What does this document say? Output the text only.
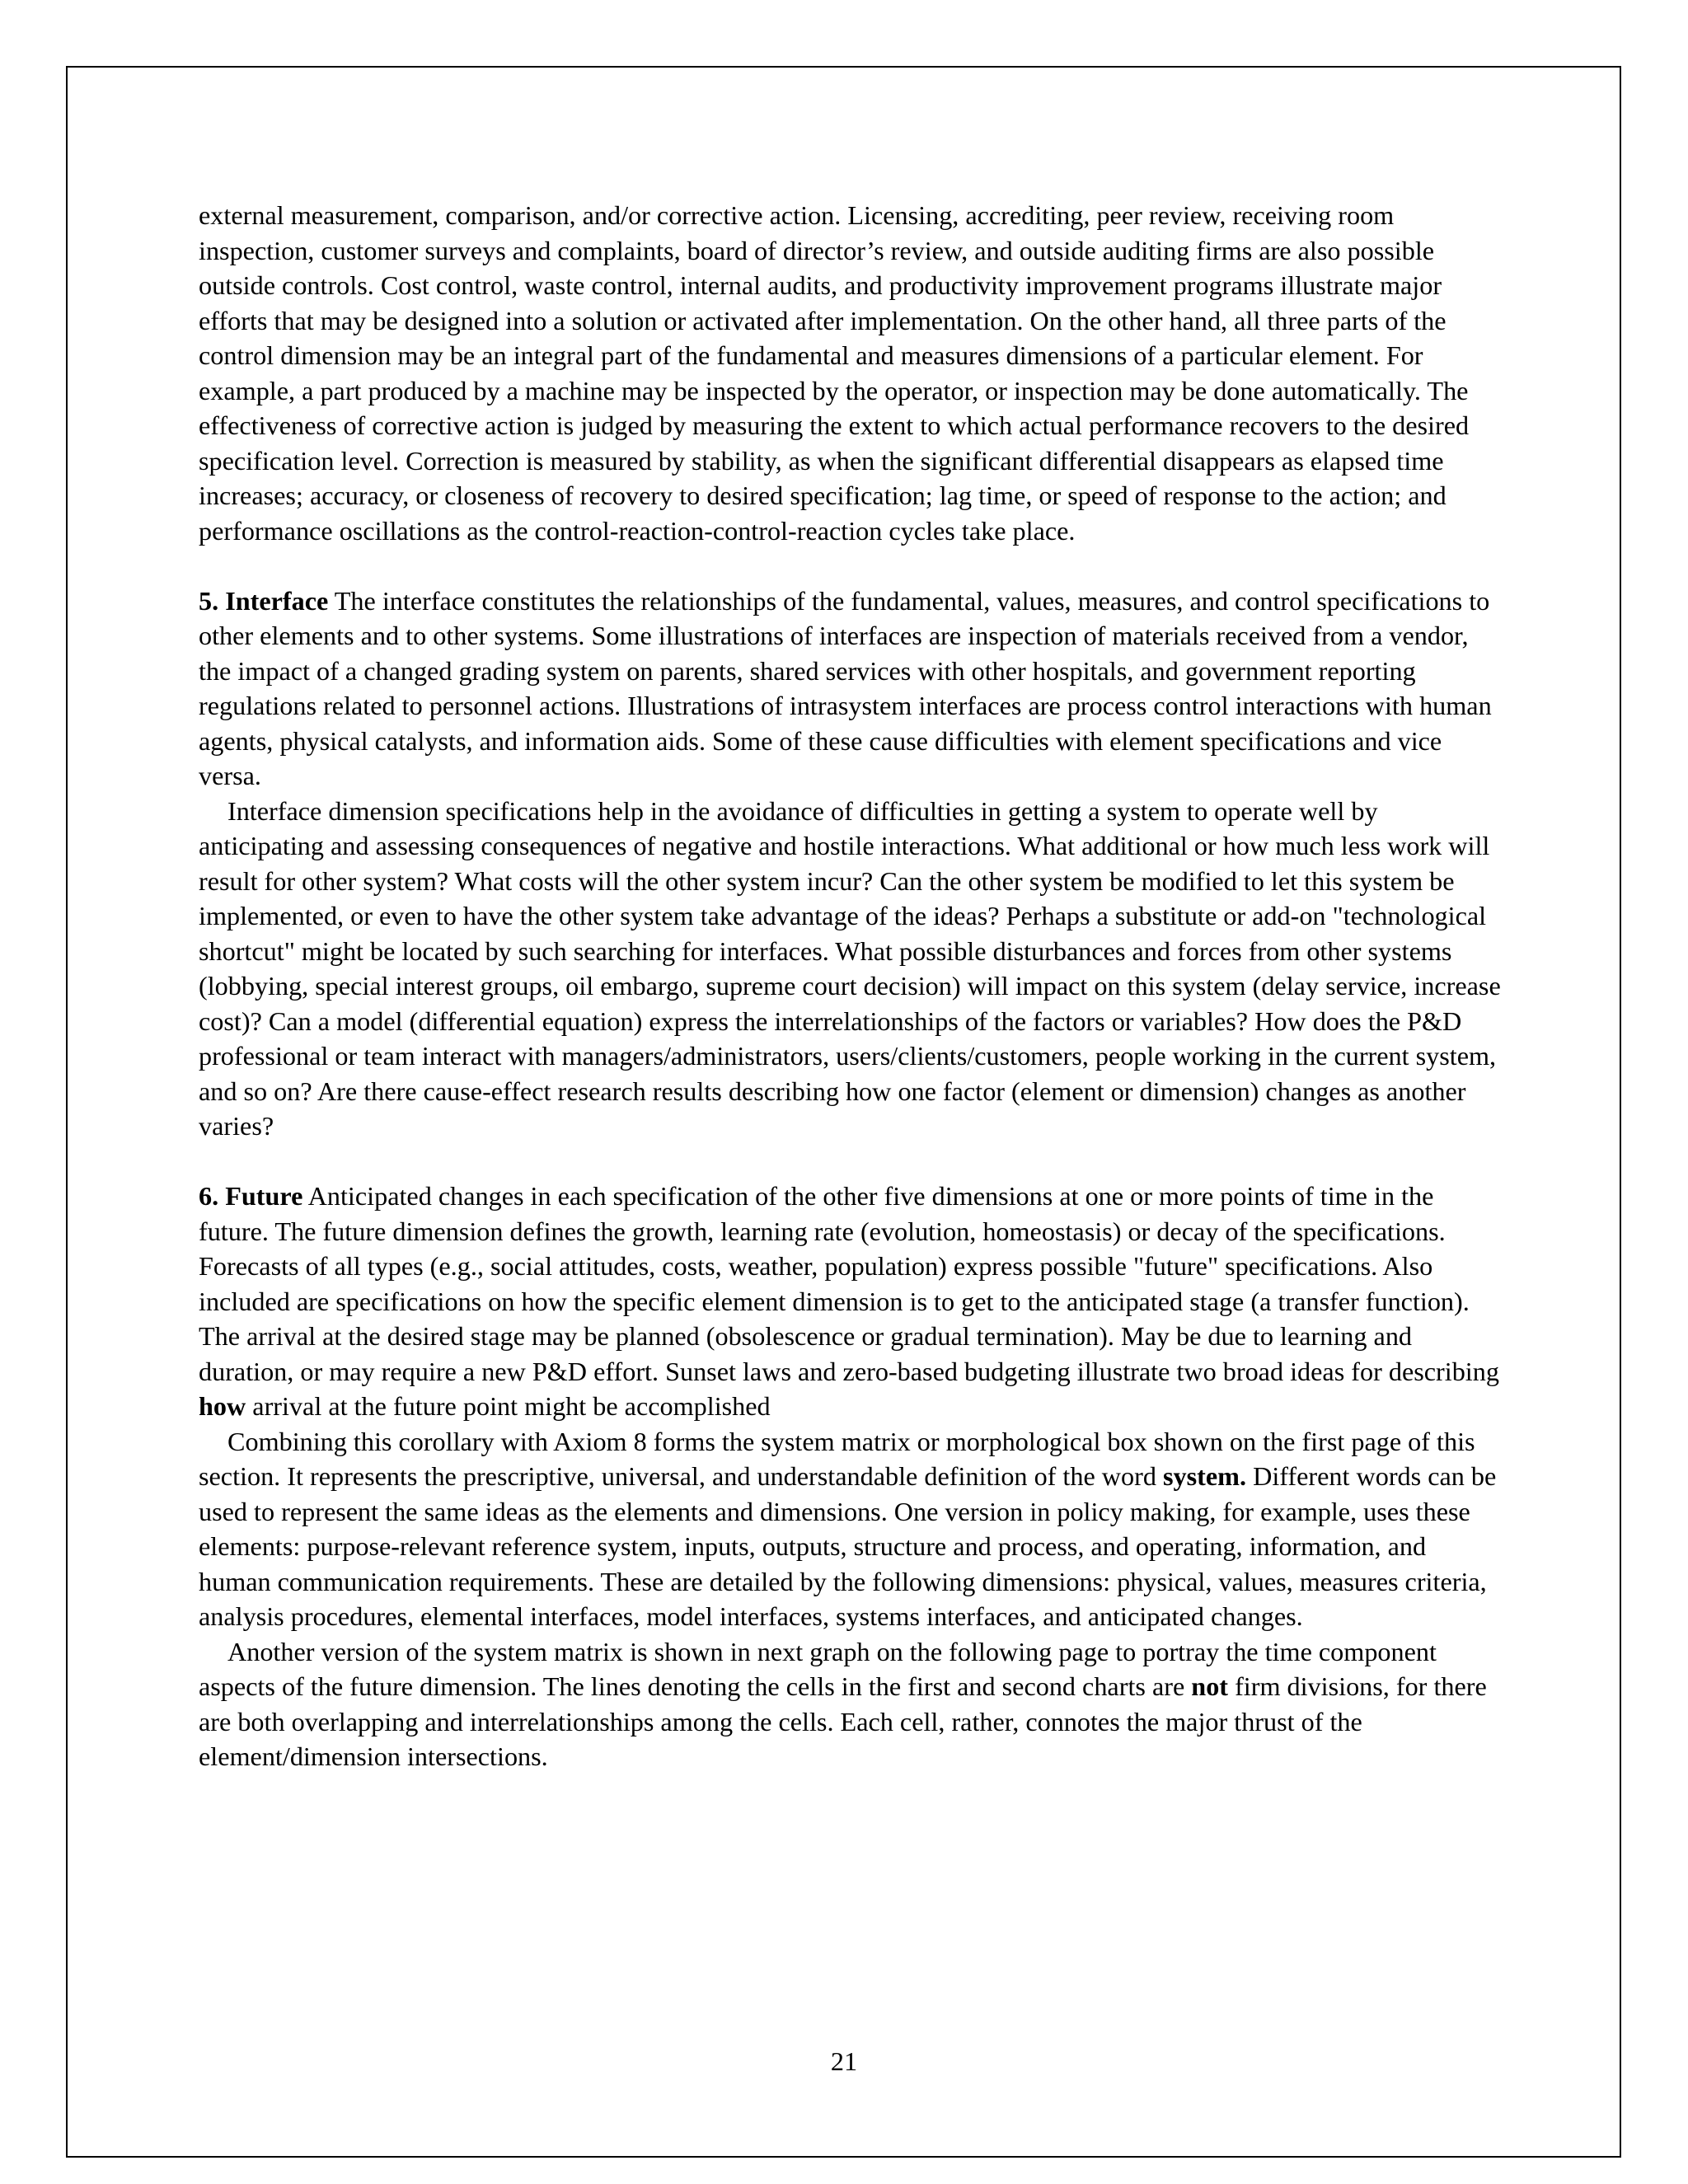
external measurement, comparison, and/or corrective action. Licensing, accrediting, peer review, receiving room inspection, customer surveys and complaints, board of director’s review, and outside auditing firms are also possible outside controls. Cost control, waste control, internal audits, and productivity improvement programs illustrate major efforts that may be designed into a solution or activated after implementation. On the other hand, all three parts of the control dimension may be an integral part of the fundamental and measures dimensions of a particular element. For example, a part produced by a machine may be inspected by the operator, or inspection may be done automatically. The effectiveness of corrective action is judged by measuring the extent to which actual performance recovers to the desired specification level. Correction is measured by stability, as when the significant differential disappears as elapsed time increases; accuracy, or closeness of recovery to desired specification; lag time, or speed of response to the action; and performance oscillations as the control-reaction-control-reaction cycles take place.

5. Interface The interface constitutes the relationships of the fundamental, values, measures, and control specifications to other elements and to other systems. Some illustrations of interfaces are inspection of materials received from a vendor, the impact of a changed grading system on parents, shared services with other hospitals, and government reporting regulations related to personnel actions. Illustrations of intrasystem interfaces are process control interactions with human agents, physical catalysts, and information aids. Some of these cause difficulties with element specifications and vice versa.

Interface dimension specifications help in the avoidance of difficulties in getting a system to operate well by anticipating and assessing consequences of negative and hostile interactions. What additional or how much less work will result for other system? What costs will the other system incur? Can the other system be modified to let this system be implemented, or even to have the other system take advantage of the ideas? Perhaps a substitute or add-on "technological shortcut" might be located by such searching for interfaces. What possible disturbances and forces from other systems (lobbying, special interest groups, oil embargo, supreme court decision) will impact on this system (delay service, increase cost)? Can a model (differential equation) express the interrelationships of the factors or variables? How does the P&D professional or team interact with managers/administrators, users/clients/customers, people working in the current system, and so on? Are there cause-effect research results describing how one factor (element or dimension) changes as another varies?

6. Future Anticipated changes in each specification of the other five dimensions at one or more points of time in the future. The future dimension defines the growth, learning rate (evolution, homeostasis) or decay of the specifications. Forecasts of all types (e.g., social attitudes, costs, weather, population) express possible "future" specifications. Also included are specifications on how the specific element dimension is to get to the anticipated stage (a transfer function). The arrival at the desired stage may be planned (obsolescence or gradual termination). May be due to learning and duration, or may require a new P&D effort. Sunset laws and zero-based budgeting illustrate two broad ideas for describing how arrival at the future point might be accomplished

Combining this corollary with Axiom 8 forms the system matrix or morphological box shown on the first page of this section. It represents the prescriptive, universal, and understandable definition of the word system. Different words can be used to represent the same ideas as the elements and dimensions. One version in policy making, for example, uses these elements: purpose-relevant reference system, inputs, outputs, structure and process, and operating, information, and human communication requirements. These are detailed by the following dimensions: physical, values, measures criteria, analysis procedures, elemental interfaces, model interfaces, systems interfaces, and anticipated changes.

Another version of the system matrix is shown in next graph on the following page to portray the time component aspects of the future dimension. The lines denoting the cells in the first and second charts are not firm divisions, for there are both overlapping and interrelationships among the cells. Each cell, rather, connotes the major thrust of the element/dimension intersections.

21
